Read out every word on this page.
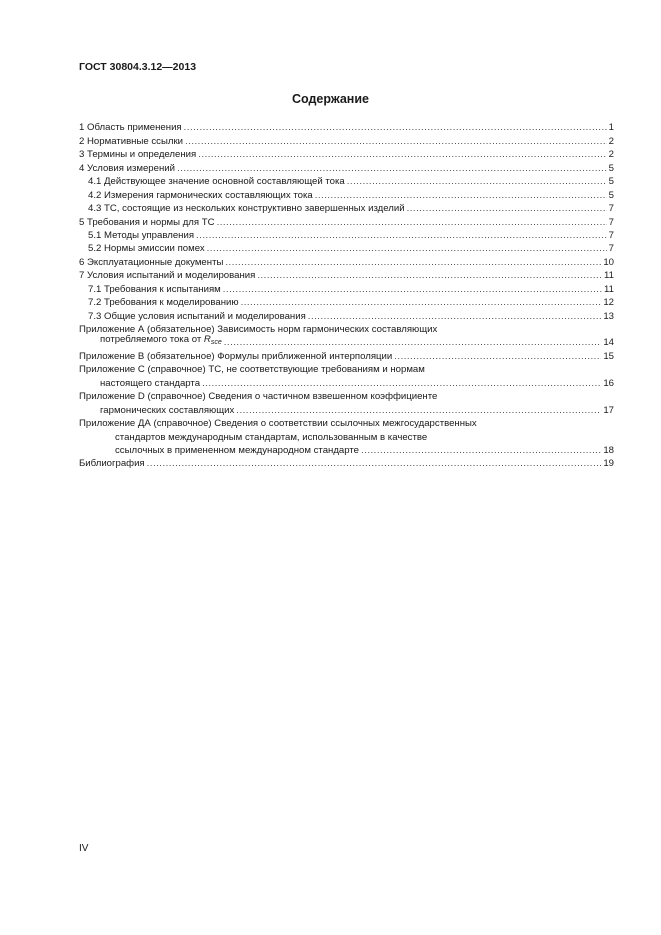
ГОСТ 30804.3.12—2013
Содержание
1 Область применения .....	1
2 Нормативные ссылки .....	2
3 Термины и определения .....	2
4 Условия измерений .....	5
4.1 Действующее значение основной составляющей тока .....	5
4.2 Измерения гармонических составляющих тока .....	5
4.3 ТС, состоящие из нескольких конструктивно завершенных изделий .....	7
5 Требования и нормы для ТС .....	7
5.1 Методы управления .....	7
5.2 Нормы эмиссии помех .....	7
6 Эксплуатационные документы .....	10
7 Условия испытаний и моделирования .....	11
7.1 Требования к испытаниям .....	11
7.2 Требования к моделированию .....	12
7.3 Общие условия испытаний и моделирования .....	13
Приложение А (обязательное) Зависимость норм гармонических составляющих
потребляемого тока от $R_{sce}$ .....	14
Приложение В (обязательное) Формулы приближенной интерполяции .....	15
Приложение С (справочное) ТС, не соответствующие требованиям и нормам
настоящего стандарта .....	16
Приложение D (справочное) Сведения о частичном взвешенном коэффициенте
гармонических составляющих .....	17
Приложение ДА (справочное) Сведения о соответствии ссылочных межгосударственных
стандартов международным стандартам, использованным в качестве
ссылочных в примененном международном стандарте .....	18
Библиография .....	19
IV
